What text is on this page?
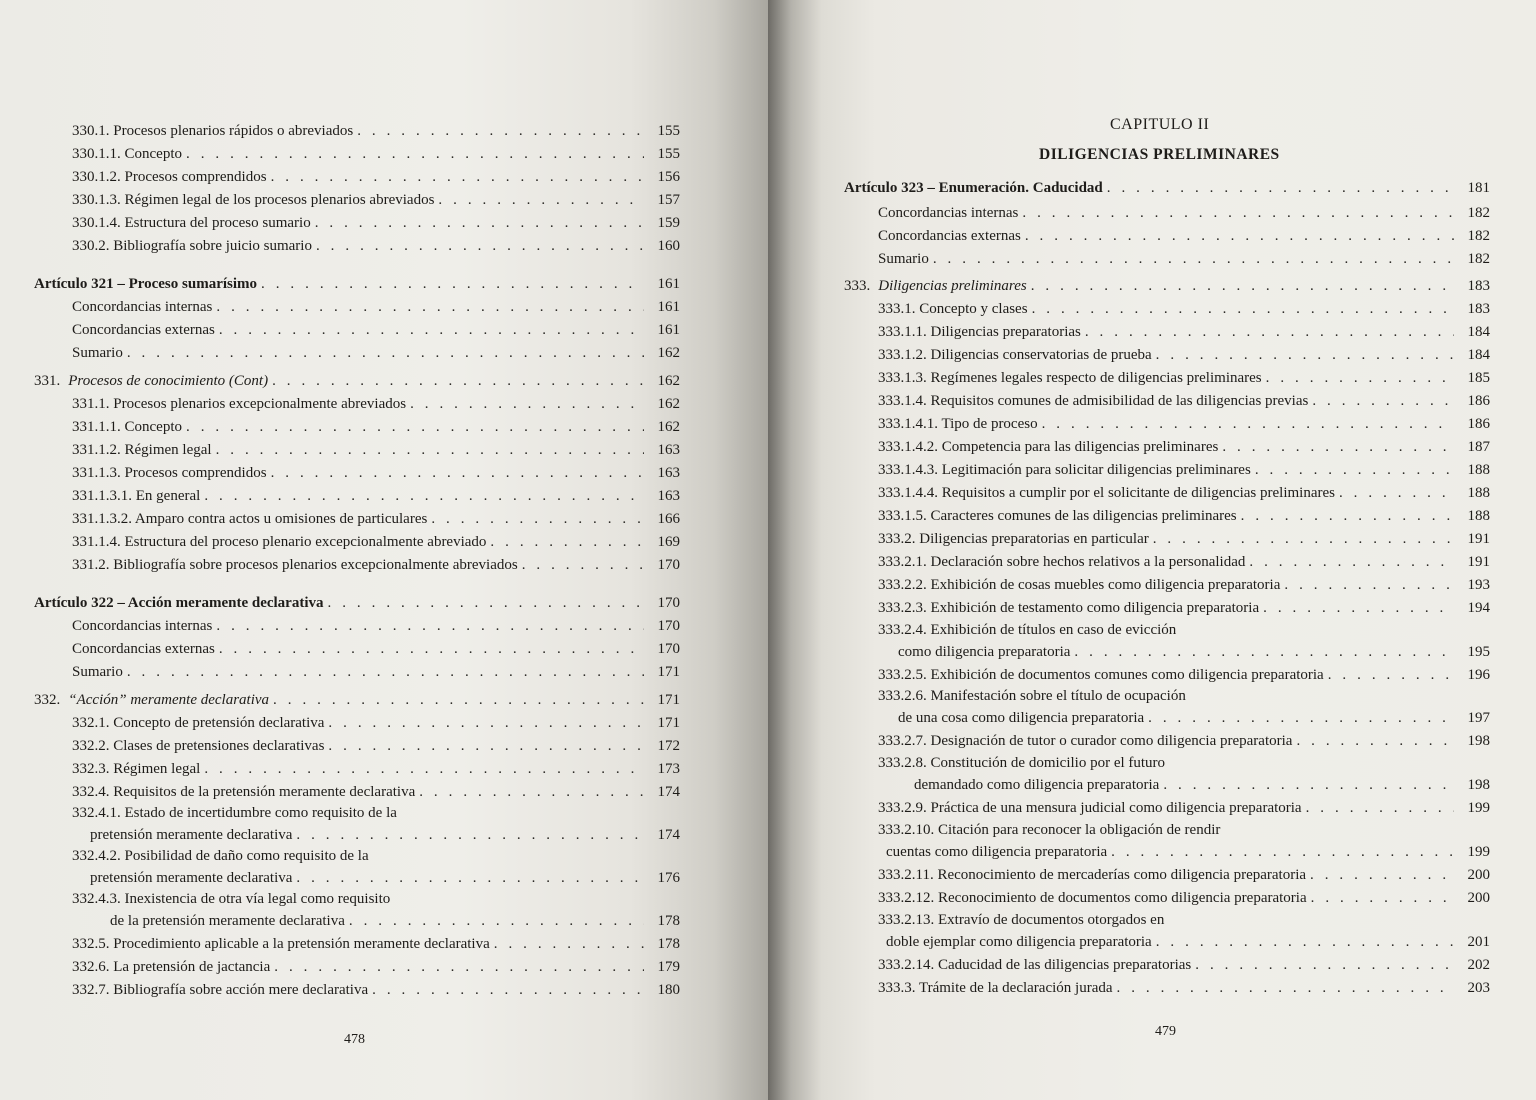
330.1. Procesos plenarios rápidos o abreviados . . .	155
330.1.1. Concepto . . .	155
330.1.2. Procesos comprendidos . . .	156
330.1.3. Régimen legal de los procesos plenarios abreviados . . .	157
330.1.4. Estructura del proceso sumario . . .	159
330.2. Bibliografía sobre juicio sumario . . .	160
Artículo 321 – Proceso sumarísimo . . .	161
Concordancias internas . . .	161
Concordancias externas . . .	161
Sumario . . .	162
331. Procesos de conocimiento (Cont) . . .	162
331.1. Procesos plenarios excepcionalmente abreviados . . .	162
331.1.1. Concepto . . .	162
331.1.2. Régimen legal . . .	163
331.1.3. Procesos comprendidos . . .	163
331.1.3.1. En general . . .	163
331.1.3.2. Amparo contra actos u omisiones de particulares . . .	166
331.1.4. Estructura del proceso plenario excepcionalmente abreviado . . .	169
331.2. Bibliografía sobre procesos plenarios excepcionalmente abreviados . . .	170
Artículo 322 – Acción meramente declarativa . . .	170
Concordancias internas . . .	170
Concordancias externas . . .	170
Sumario . . .	171
332. “Acción” meramente declarativa . . .	171
332.1. Concepto de pretensión declarativa . . .	171
332.2. Clases de pretensiones declarativas . . .	172
332.3. Régimen legal . . .	173
332.4. Requisitos de la pretensión meramente declarativa . . .	174
332.4.1. Estado de incertidumbre como requisito de la
pretensión meramente declarativa . . .	174
332.4.2. Posibilidad de daño como requisito de la
pretensión meramente declarativa . . .	176
332.4.3. Inexistencia de otra vía legal como requisito
de la pretensión meramente declarativa . . .	178
332.5. Procedimiento aplicable a la pretensión meramente declarativa . . .	178
332.6. La pretensión de jactancia . . .	179
332.7. Bibliografía sobre acción mere declarativa . . .	180
478
CAPITULO II
DILIGENCIAS PRELIMINARES
Artículo 323 – Enumeración. Caducidad . . .	181
Concordancias internas . . .	182
Concordancias externas . . .	182
Sumario . . .	182
333. Diligencias preliminares . . .	183
333.1. Concepto y clases . . .	183
333.1.1. Diligencias preparatorias . . .	184
333.1.2. Diligencias conservatorias de prueba . . .	184
333.1.3. Regímenes legales respecto de diligencias preliminares . . .	185
333.1.4. Requisitos comunes de admisibilidad de las diligencias previas . . .	186
333.1.4.1. Tipo de proceso . . .	186
333.1.4.2. Competencia para las diligencias preliminares . . .	187
333.1.4.3. Legitimación para solicitar diligencias preliminares . . .	188
333.1.4.4. Requisitos a cumplir por el solicitante de diligencias preliminares . . .	188
333.1.5. Caracteres comunes de las diligencias preliminares . . .	188
333.2. Diligencias preparatorias en particular . . .	191
333.2.1. Declaración sobre hechos relativos a la personalidad . . .	191
333.2.2. Exhibición de cosas muebles como diligencia preparatoria . . .	193
333.2.3. Exhibición de testamento como diligencia preparatoria . . .	194
333.2.4. Exhibición de títulos en caso de evicción
como diligencia preparatoria . . .	195
333.2.5. Exhibición de documentos comunes como diligencia preparatoria . . .	196
333.2.6. Manifestación sobre el título de ocupación
de una cosa como diligencia preparatoria . . .	197
333.2.7. Designación de tutor o curador como diligencia preparatoria . . .	198
333.2.8. Constitución de domicilio por el futuro
demandado como diligencia preparatoria . . .	198
333.2.9. Práctica de una mensura judicial como diligencia preparatoria . . .	199
333.2.10. Citación para reconocer la obligación de rendir
cuentas como diligencia preparatoria . . .	199
333.2.11. Reconocimiento de mercaderías como diligencia preparatoria . . .	200
333.2.12. Reconocimiento de documentos como diligencia preparatoria . . .	200
333.2.13. Extravío de documentos otorgados en
doble ejemplar como diligencia preparatoria . . .	201
333.2.14. Caducidad de las diligencias preparatorias . . .	202
333.3. Trámite de la declaración jurada . . .	203
479
